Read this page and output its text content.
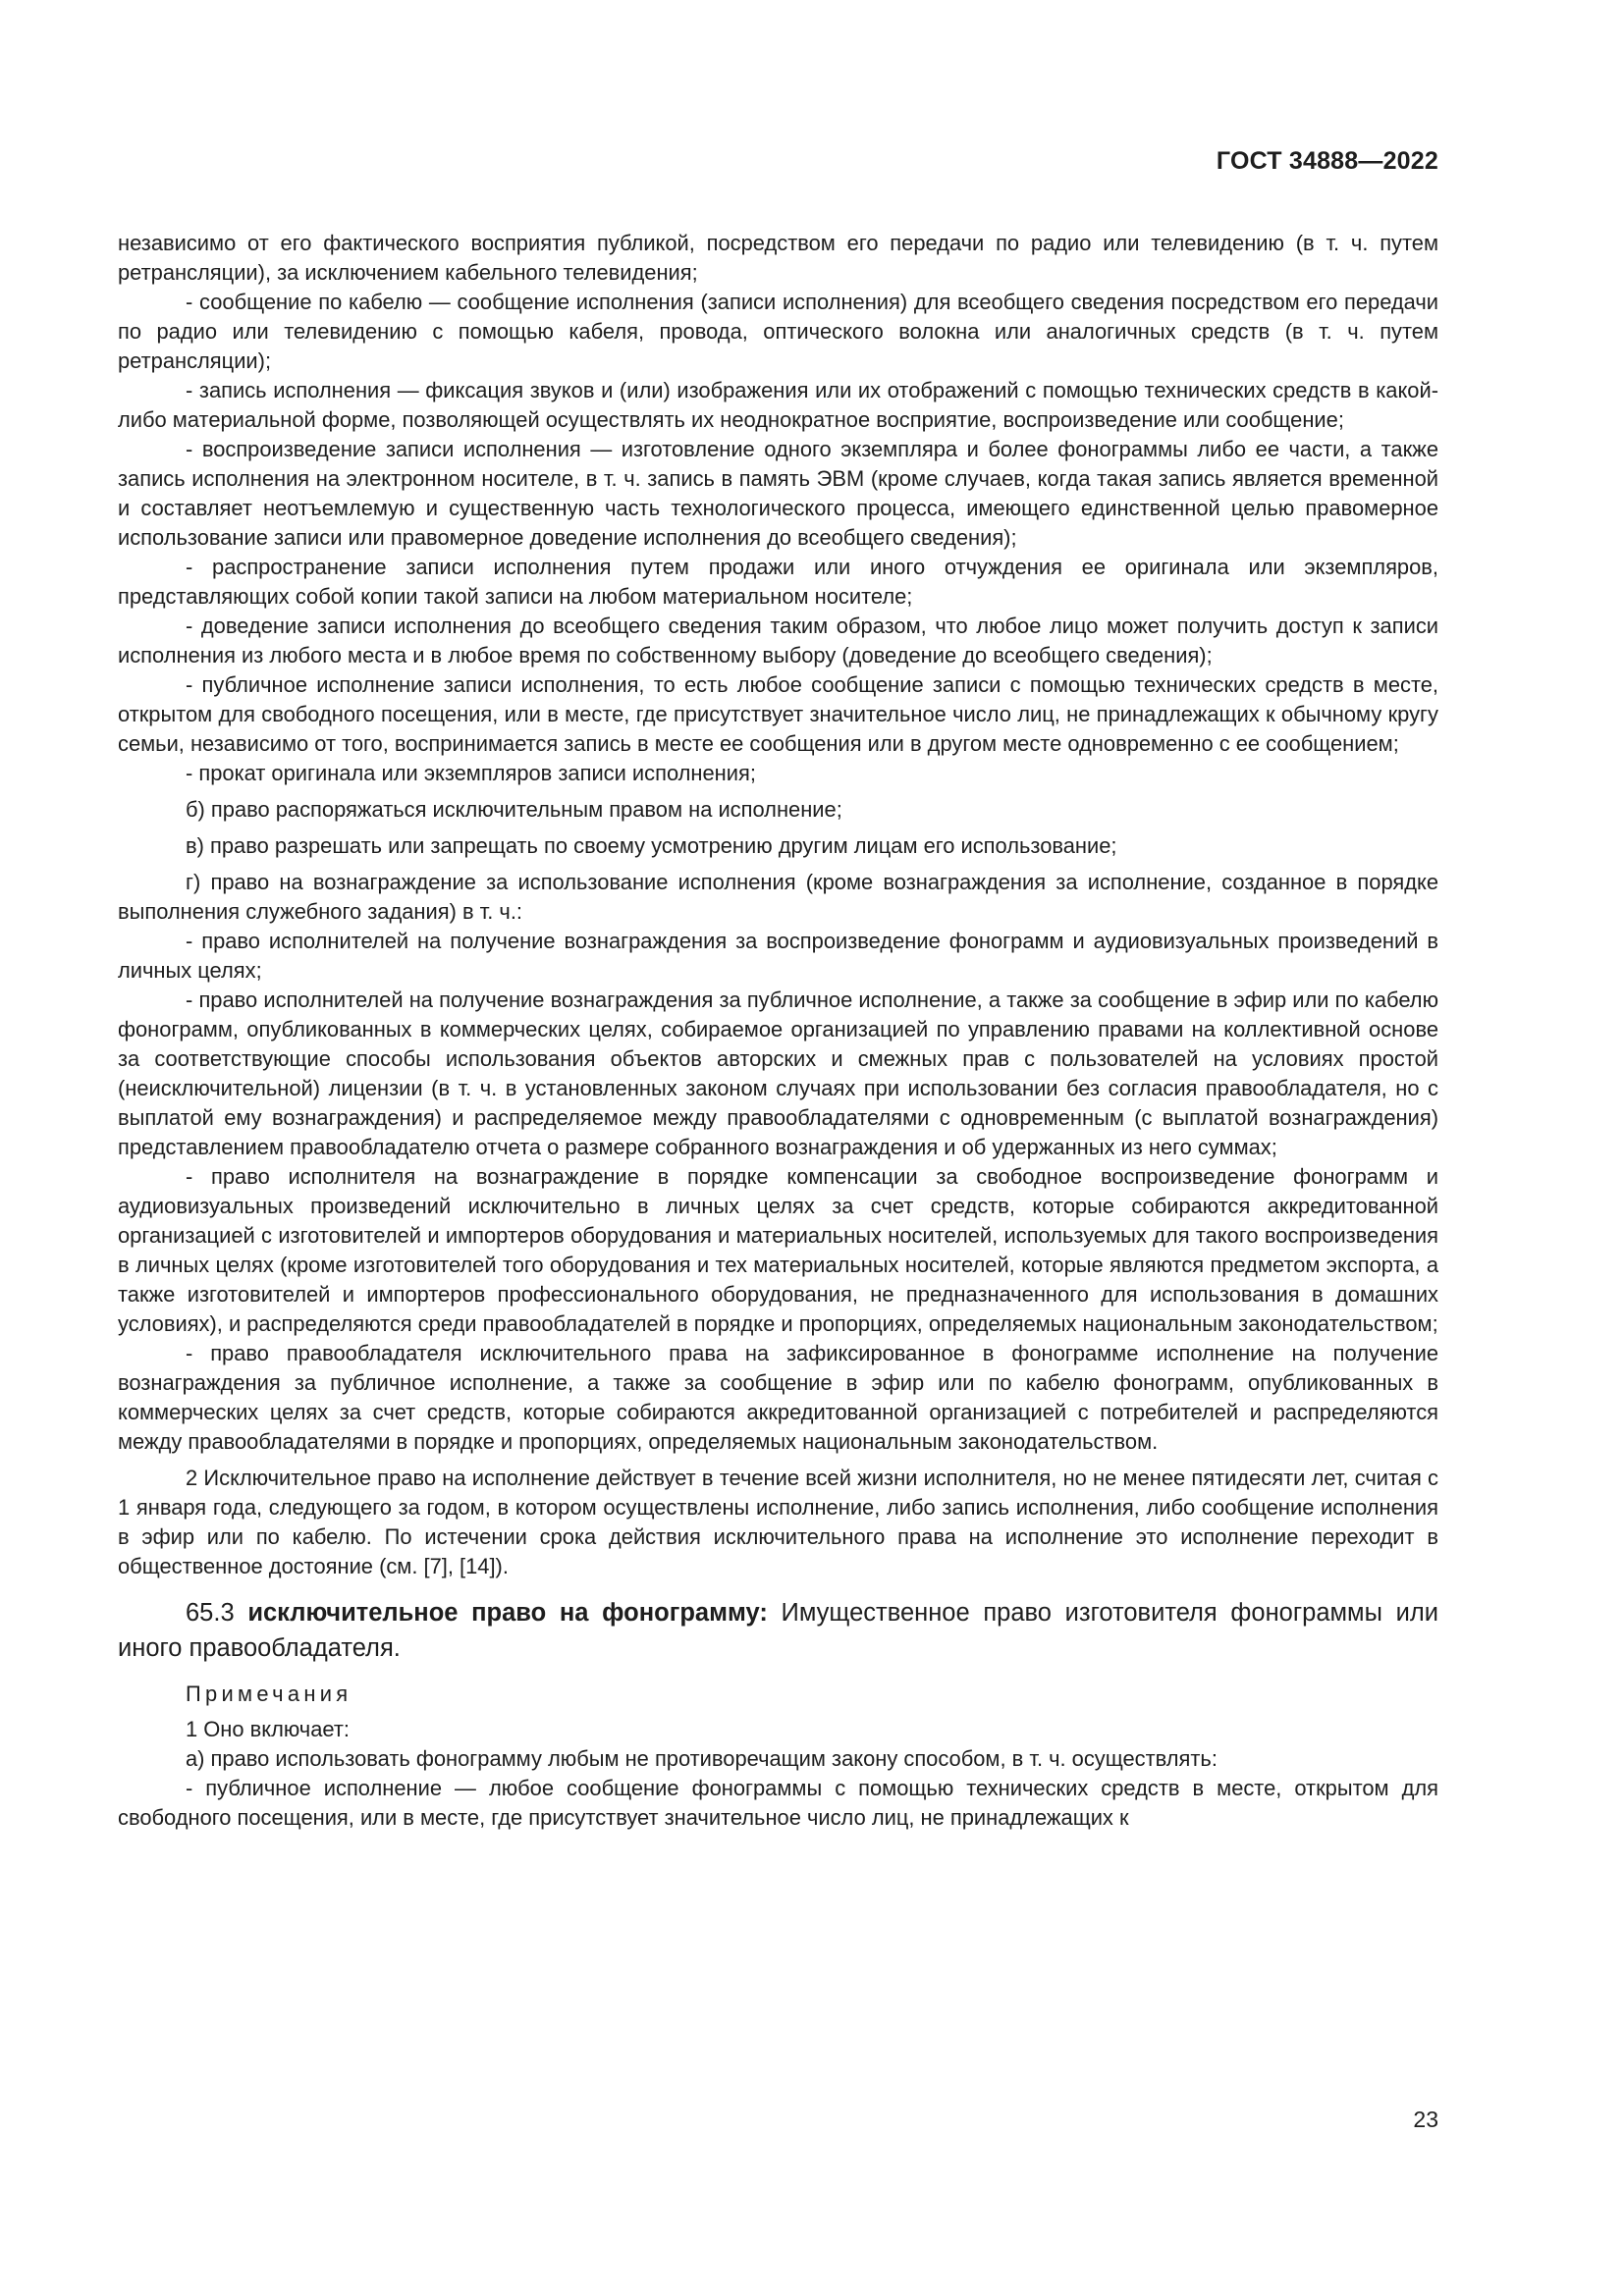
ГОСТ 34888—2022

независимо от его фактического восприятия публикой, посредством его передачи по радио или телевидению (в т. ч. путем ретрансляции), за исключением кабельного телевидения;

- сообщение по кабелю — сообщение исполнения (записи исполнения) для всеобщего сведения посредством его передачи по радио или телевидению с помощью кабеля, провода, оптического волокна или аналогичных средств (в т. ч. путем ретрансляции);

- запись исполнения — фиксация звуков и (или) изображения или их отображений с помощью технических средств в какой-либо материальной форме, позволяющей осуществлять их неоднократное восприятие, воспроизведение или сообщение;

- воспроизведение записи исполнения — изготовление одного экземпляра и более фонограммы либо ее части, а также запись исполнения на электронном носителе, в т. ч. запись в память ЭВМ (кроме случаев, когда такая запись является временной и составляет неотъемлемую и существенную часть технологического процесса, имеющего единственной целью правомерное использование записи или правомерное доведение исполнения до всеобщего сведения);

- распространение записи исполнения путем продажи или иного отчуждения ее оригинала или экземпляров, представляющих собой копии такой записи на любом материальном носителе;

- доведение записи исполнения до всеобщего сведения таким образом, что любое лицо может получить доступ к записи исполнения из любого места и в любое время по собственному выбору (доведение до всеобщего сведения);

- публичное исполнение записи исполнения, то есть любое сообщение записи с помощью технических средств в месте, открытом для свободного посещения, или в месте, где присутствует значительное число лиц, не принадлежащих к обычному кругу семьи, независимо от того, воспринимается запись в месте ее сообщения или в другом месте одновременно с ее сообщением;

- прокат оригинала или экземпляров записи исполнения;

б) право распоряжаться исключительным правом на исполнение;

в) право разрешать или запрещать по своему усмотрению другим лицам его использование;

г) право на вознаграждение за использование исполнения (кроме вознаграждения за исполнение, созданное в порядке выполнения служебного задания) в т. ч.:

- право исполнителей на получение вознаграждения за воспроизведение фонограмм и аудиовизуальных произведений в личных целях;

- право исполнителей на получение вознаграждения за публичное исполнение, а также за сообщение в эфир или по кабелю фонограмм, опубликованных в коммерческих целях, собираемое организацией по управлению правами на коллективной основе за соответствующие способы использования объектов авторских и смежных прав с пользователей на условиях простой (неисключительной) лицензии (в т. ч. в установленных законом случаях при использовании без согласия правообладателя, но с выплатой ему вознаграждения) и распределяемое между правообладателями с одновременным (с выплатой вознаграждения) представлением правообладателю отчета о размере собранного вознаграждения и об удержанных из него суммах;

- право исполнителя на вознаграждение в порядке компенсации за свободное воспроизведение фонограмм и аудиовизуальных произведений исключительно в личных целях за счет средств, которые собираются аккредитованной организацией с изготовителей и импортеров оборудования и материальных носителей, используемых для такого воспроизведения в личных целях (кроме изготовителей того оборудования и тех материальных носителей, которые являются предметом экспорта, а также изготовителей и импортеров профессионального оборудования, не предназначенного для использования в домашних условиях), и распределяются среди правообладателей в порядке и пропорциях, определяемых национальным законодательством;

- право правообладателя исключительного права на зафиксированное в фонограмме исполнение на получение вознаграждения за публичное исполнение, а также за сообщение в эфир или по кабелю фонограмм, опубликованных в коммерческих целях за счет средств, которые собираются аккредитованной организацией с потребителей и распределяются между правообладателями в порядке и пропорциях, определяемых национальным законодательством.

2 Исключительное право на исполнение действует в течение всей жизни исполнителя, но не менее пятидесяти лет, считая с 1 января года, следующего за годом, в котором осуществлены исполнение, либо запись исполнения, либо сообщение исполнения в эфир или по кабелю. По истечении срока действия исключительного права на исполнение это исполнение переходит в общественное достояние (см. [7], [14]).

65.3 исключительное право на фонограмму: Имущественное право изготовителя фонограммы или иного правообладателя.

Примечания

1 Оно включает:

а) право использовать фонограмму любым не противоречащим закону способом, в т. ч. осуществлять:

- публичное исполнение — любое сообщение фонограммы с помощью технических средств в месте, открытом для свободного посещения, или в месте, где присутствует значительное число лиц, не принадлежащих к

23
